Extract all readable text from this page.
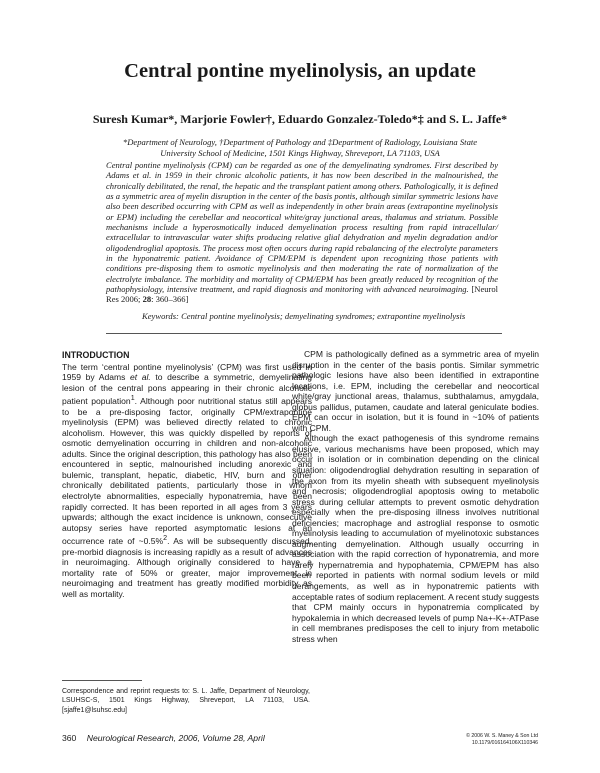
Central pontine myelinolysis, an update
Suresh Kumar*, Marjorie Fowler†, Eduardo Gonzalez-Toledo*‡ and S. L. Jaffe*
*Department of Neurology, †Department of Pathology and ‡Department of Radiology, Louisiana State
University School of Medicine, 1501 Kings Highway, Shreveport, LA 71103, USA
Central pontine myelinolysis (CPM) can be regarded as one of the demyelinating syndromes. First described by Adams et al. in 1959 in their chronic alcoholic patients, it has now been described in the malnourished, the chronically debilitated, the renal, the hepatic and the transplant patient among others. Pathologically, it is defined as a symmetric area of myelin disruption in the center of the basis pontis, although similar symmetric lesions have also been described occurring with CPM as well as independently in other brain areas (extrapontine myelinolysis or EPM) including the cerebellar and neocortical white/gray junctional areas, thalamus and striatum. Possible mechanisms include a hyperosmotically induced demyelination process resulting from rapid intracellular/ extracellular to intravascular water shifts producing relative glial dehydration and myelin degradation and/or oligodendroglial apoptosis. The process most often occurs during rapid rebalancing of the electrolyte parameters in the hyponatremic patient. Avoidance of CPM/EPM is dependent upon recognizing those patients with conditions pre-disposing them to osmotic myelinolysis and then moderating the rate of normalization of the electrolyte imbalance. The morbidity and mortality of CPM/EPM has been greatly reduced by recognition of the pathophysiology, intensive treatment, and rapid diagnosis and monitoring with advanced neuroimaging. [Neurol Res 2006; 28: 360–366]
Keywords: Central pontine myelinolysis; demyelinating syndromes; extrapontine myelinolysis
INTRODUCTION

The term ‘central pontine myelinolysis’ (CPM) was first used in 1959 by Adams et al. to describe a symmetric, demyelinating lesion of the central pons appearing in their chronic alcoholic patient population$^1$. Although poor nutritional status still appears to be a pre-disposing factor, originally CPM/extrapontine myelinolysis (EPM) was believed directly related to chronic alcoholism. However, this was quickly dispelled by reports of osmotic demyelination occurring in children and non-alcoholic adults. Since the original description, this pathology has also been encountered in septic, malnourished including anorexic and bulemic, transplant, hepatic, diabetic, HIV, burn and other chronically debilitated patients, particularly those in whom electrolyte abnormalities, especially hyponatremia, have been rapidly corrected. It has been reported in all ages from 3 years upwards; although the exact incidence is unknown, consecutive autopsy series have reported asymptomatic lesions at an occurrence rate of ~0.5%$^2$. As will be subsequently discussed, pre-morbid diagnosis is increasing rapidly as a result of advances in neuroimaging. Although originally considered to have a mortality rate of 50% or greater, major improvement in neuroimaging and treatment has greatly modified morbidity as well as mortality.

CPM is pathologically defined as a symmetric area of myelin disruption in the center of the basis pontis. Similar symmetric pathologic lesions have also been identified in extrapontine locations, i.e. EPM, including the cerebellar and neocortical white/gray junctional areas, thalamus, subthalamus, amygdala, globus pallidus, putamen, caudate and lateral geniculate bodies. EPM can occur in isolation, but it is found in ~10% of patients with CPM.

Although the exact pathogenesis of this syndrome remains elusive, various mechanisms have been proposed, which may occur in isolation or in combination depending on the clinical situation: oligodendroglial dehydration resulting in separation of the axon from its myelin sheath with subsequent myelinolysis and necrosis; oligodendroglial apoptosis owing to metabolic stress during cellular attempts to prevent osmotic dehydration especially when the pre-disposing illness involves nutritional deficiencies; macrophage and astroglial response to osmotic myelinolysis leading to accumulation of myelinotoxic substances augmenting demyelination. Although usually occurring in association with the rapid correction of hyponatremia, and more rarely hypernatremia and hypophatemia, CPM/EPM has also been reported in patients with normal sodium levels or mild derangements, as well as in hyponatremic patients with acceptable rates of sodium replacement. A recent study suggests that CPM mainly occurs in hyponatremia complicated by hypokalemia in which decreased levels of pump Na+-K+-ATPase in cell membranes predisposes the cell to injury from metabolic stress when

Correspondence and reprint requests to: S. L. Jaffe, Department of Neurology, LSUHSC-S, 1501 Kings Highway, Shreveport, LA 71103, USA. [sjaffe1@lsuhsc.edu]
360 Neurological Research, 2006, Volume 28, April	© 2006 W. S. Maney & Son Ltd
10.1179/016164106X110346
